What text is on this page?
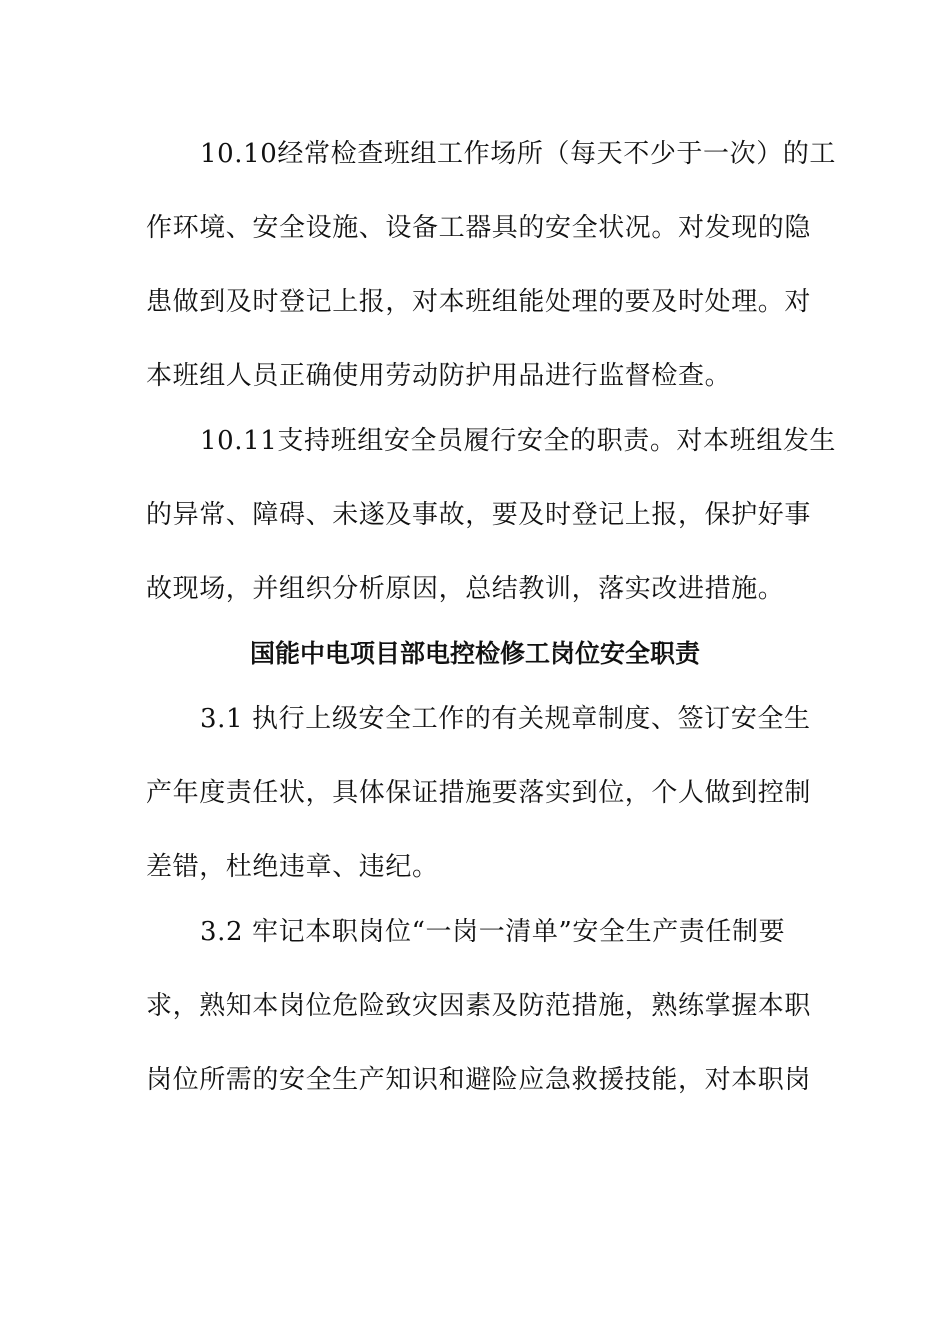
10.10经常检查班组工作场所（每天不少于一次）的工
作环境、安全设施、设备工器具的安全状况。对发现的隐
患做到及时登记上报，对本班组能处理的要及时处理。对
本班组人员正确使用劳动防护用品进行监督检查。
10.11支持班组安全员履行安全的职责。对本班组发生
的异常、障碍、未遂及事故，要及时登记上报，保护好事
故现场，并组织分析原因，总结教训，落实改进措施。
国能中电项目部电控检修工岗位安全职责
3.1 执行上级安全工作的有关规章制度、签订安全生
产年度责任状，具体保证措施要落实到位，个人做到控制
差错，杜绝违章、违纪。
3.2 牢记本职岗位“一岗一清单”安全生产责任制要
求，熟知本岗位危险致灾因素及防范措施，熟练掌握本职
岗位所需的安全生产知识和避险应急救援技能，对本职岗
